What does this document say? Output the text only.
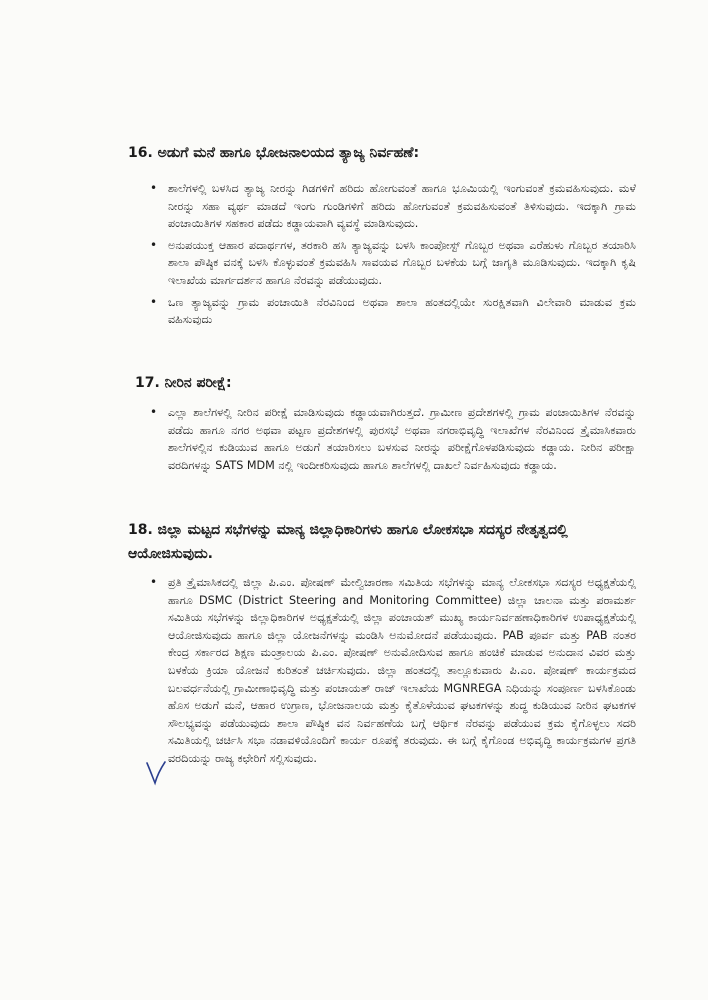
16. ಅಡುಗೆ ಮನೆ ಹಾಗೂ ಭೋಜನಾಲಯದ ತ್ಯಾಜ್ಯ ನಿರ್ವಹಣೆ:
• ಶಾಲೆಗಳಲ್ಲಿ ಬಳಸಿದ ತ್ಯಾಜ್ಯ ನೀರನ್ನು ಗಿಡಗಳಿಗೆ ಹರಿದು ಹೋಗುವಂತೆ ಹಾಗೂ ಭೂಮಿಯಲ್ಲಿ ಇಂಗುವಂತೆ ಕ್ರಮವಹಿಸುವುದು. ಮಳೆ ನೀರನ್ನು ಸಹಾ ವ್ಯರ್ಥ ಮಾಡದೆ ಇಂಗು ಗುಂಡಿಗಳಿಗೆ ಹರಿದು ಹೋಗುವಂತೆ ಕ್ರಮವಹಿಸುವಂತೆ ತಿಳಿಸುವುದು. ಇದಕ್ಕಾಗಿ ಗ್ರಾಮ ಪಂಚಾಯಿತಿಗಳ ಸಹಕಾರ ಪಡೆದು ಕಡ್ಡಾಯವಾಗಿ ವ್ಯವಸ್ಥೆ ಮಾಡಿಸುವುದು.
• ಅನುಪಯುಕ್ತ ಆಹಾರ ಪದಾರ್ಥಗಳ, ತರಕಾರಿ ಹಸಿ ತ್ಯಾಜ್ಯವನ್ನು ಬಳಸಿ ಕಾಂಪೋಸ್ಟ್ ಗೊಬ್ಬರ ಅಥವಾ ಎರೆಹುಳು ಗೊಬ್ಬರ ತಯಾರಿಸಿ ಶಾಲಾ ಪೌಷ್ಠಿಕ ವನಕ್ಕೆ ಬಳಸಿ ಕೊಳ್ಳುವಂತೆ ಕ್ರಮವಹಿಸಿ ಸಾವಯವ ಗೊಬ್ಬರ ಬಳಕೆಯ ಬಗ್ಗೆ ಜಾಗೃತಿ ಮೂಡಿಸುವುದು. ಇದಕ್ಕಾಗಿ ಕೃಷಿ ಇಲಾಖೆಯ ಮಾರ್ಗದರ್ಶನ ಹಾಗೂ ನೆರವನ್ನು ಪಡೆಯುವುದು.
• ಒಣ ತ್ಯಾಜ್ಯವನ್ನು ಗ್ರಾಮ ಪಂಚಾಯಿತಿ ನೆರವಿನಿಂದ ಅಥವಾ ಶಾಲಾ ಹಂತದಲ್ಲಿಯೇ ಸುರಕ್ಷಿತವಾಗಿ ವಿಲೇವಾರಿ ಮಾಡುವ ಕ್ರಮ ವಹಿಸುವುದು
17. ನೀರಿನ ಪರೀಕ್ಷೆ:
• ಎಲ್ಲಾ ಶಾಲೆಗಳಲ್ಲಿ ನೀರಿನ ಪರೀಕ್ಷೆ ಮಾಡಿಸುವುದು ಕಡ್ಡಾಯವಾಗಿರುತ್ತದೆ. ಗ್ರಾಮೀಣ ಪ್ರದೇಶಗಳಲ್ಲಿ ಗ್ರಾಮ ಪಂಚಾಯಿತಿಗಳ ನೆರವನ್ನು ಪಡೆದು ಹಾಗೂ ನಗರ ಅಥವಾ ಪಟ್ಟಣ ಪ್ರದೇಶಗಳಲ್ಲಿ ಪುರಸಭೆ ಅಥವಾ ನಗರಾಭಿವೃದ್ಧಿ ಇಲಾಖೆಗಳ ನೆರವಿನಿಂದ ತ್ರೈಮಾಸಿಕವಾರು ಶಾಲೆಗಳಲ್ಲಿನ ಕುಡಿಯುವ ಹಾಗೂ ಅಡುಗೆ ತಯಾರಿಸಲು ಬಳಸುವ ನೀರನ್ನು ಪರೀಕ್ಷೆಗೊಳಪಡಿಸುವುದು ಕಡ್ಡಾಯ. ನೀರಿನ ಪರೀಕ್ಷಾ ವರದಿಗಳನ್ನು SATS MDM ನಲ್ಲಿ ಇಂದೀಕರಿಸುವುದು ಹಾಗೂ ಶಾಲೆಗಳಲ್ಲಿ ದಾಖಲೆ ನಿರ್ವಹಿಸುವುದು ಕಡ್ಡಾಯ.
18. ಜಿಲ್ಲಾ ಮಟ್ಟದ ಸಭೆಗಳನ್ನು ಮಾನ್ಯ ಜಿಲ್ಲಾಧಿಕಾರಿಗಳು ಹಾಗೂ ಲೋಕಸಭಾ ಸದಸ್ಯರ ನೇತೃತ್ವದಲ್ಲಿ ಆಯೋಜಿಸುವುದು.
• ಪ್ರತಿ ತ್ರೈಮಾಸಿಕದಲ್ಲಿ ಜಿಲ್ಲಾ ಪಿ.ಎಂ. ಪೋಷಣ್ ಮೇಲ್ವಿಚಾರಣಾ ಸಮಿತಿಯ ಸಭೆಗಳನ್ನು ಮಾನ್ಯ ಲೋಕಸಭಾ ಸದಸ್ಯರ ಅಧ್ಯಕ್ಷತೆಯಲ್ಲಿ ಹಾಗೂ DSMC (District Steering and Monitoring Committee) ಜಿಲ್ಲಾ ಚಾಲನಾ ಮತ್ತು ಪರಾಮರ್ಶ ಸಮಿತಿಯ ಸಭೆಗಳನ್ನು ಜಿಲ್ಲಾಧಿಕಾರಿಗಳ ಅಧ್ಯಕ್ಷತೆಯಲ್ಲಿ ಜಿಲ್ಲಾ ಪಂಚಾಯತ್ ಮುಖ್ಯ ಕಾರ್ಯನಿರ್ವಹಣಾಧಿಕಾರಿಗಳ ಉಪಾಧ್ಯಕ್ಷತೆಯಲ್ಲಿ ಆಯೋಜಿಸುವುದು ಹಾಗೂ ಜಿಲ್ಲಾ ಯೋಜನೆಗಳನ್ನು ಮಂಡಿಸಿ ಅನುಮೋದನೆ ಪಡೆಯುವುದು. PAB ಪೂರ್ವ ಮತ್ತು PAB ನಂತರ ಕೇಂದ್ರ ಸರ್ಕಾರದ ಶಿಕ್ಷಣ ಮಂತ್ರಾಲಯ ಪಿ.ಎಂ. ಪೋಷಣ್ ಅನುಮೋದಿಸುವ ಹಾಗೂ ಹಂಚಿಕೆ ಮಾಡುವ ಅನುದಾನ ವಿವರ ಮತ್ತು ಬಳಕೆಯ ಕ್ರಿಯಾ ಯೋಜನೆ ಕುರಿತಂತೆ ಚರ್ಚಿಸುವುದು. ಜಿಲ್ಲಾ ಹಂತದಲ್ಲಿ ತಾಲ್ಲೂಕುವಾರು ಪಿ.ಎಂ. ಪೋಷಣ್ ಕಾರ್ಯಕ್ರಮದ ಬಲವರ್ಧನೆಯಲ್ಲಿ ಗ್ರಾಮೀಣಾಭಿವೃದ್ಧಿ ಮತ್ತು ಪಂಚಾಯತ್ ರಾಜ್ ಇಲಾಖೆಯ MGNREGA ನಿಧಿಯನ್ನು ಸಂಪೂರ್ಣ ಬಳಸಿಕೊಂಡು ಹೊಸ ಅಡುಗೆ ಮನೆ, ಆಹಾರ ಉಗ್ರಾಣ, ಭೋಜನಾಲಯ ಮತ್ತು ಕೈತೊಳೆಯುವ ಘಟಕಗಳನ್ನು ಶುದ್ಧ ಕುಡಿಯುವ ನೀರಿನ ಘಟಕಗಳ ಸೌಲಭ್ಯವನ್ನು ಪಡೆಯುವುದು ಶಾಲಾ ಪೌಷ್ಠಿಕ ವನ ನಿರ್ವಹಣೆಯ ಬಗ್ಗೆ ಆರ್ಥಿಕ ನೆರವನ್ನು ಪಡೆಯುವ ಕ್ರಮ ಕೈಗೊಳ್ಳಲು ಸದರಿ ಸಮಿತಿಯಲ್ಲಿ ಚರ್ಚಿಸಿ ಸಭಾ ನಡಾವಳಿಯೊಂದಿಗೆ ಕಾರ್ಯ ರೂಪಕ್ಕೆ ತರುವುದು. ಈ ಬಗ್ಗೆ ಕೈಗೊಂಡ ಅಭಿವೃದ್ಧಿ ಕಾರ್ಯಕ್ರಮಗಳ ಪ್ರಗತಿ ವರದಿಯನ್ನು ರಾಜ್ಯ ಕಛೇರಿಗೆ ಸಲ್ಲಿಸುವುದು.
